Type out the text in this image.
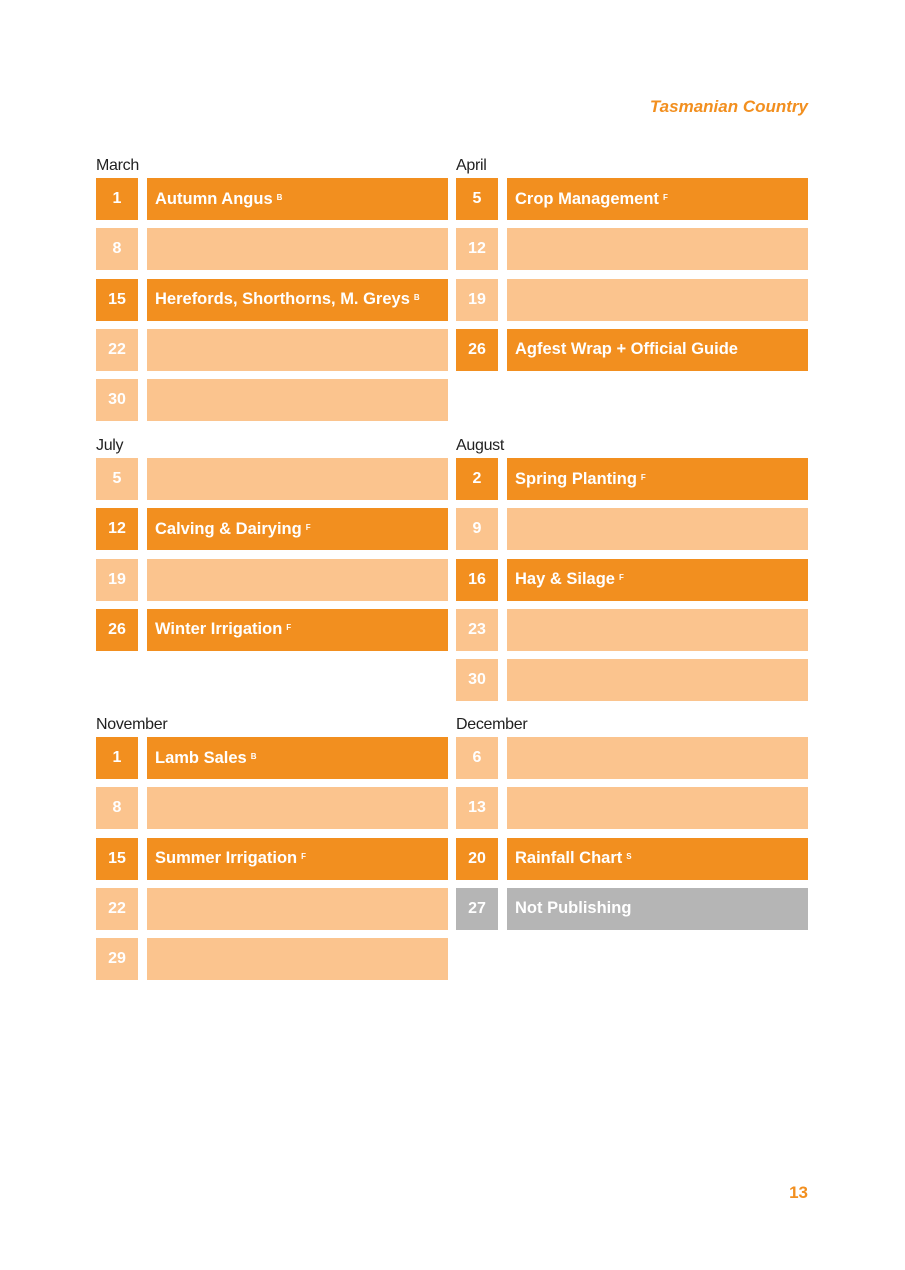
Tasmanian Country
March
1	Autumn Angus $^B$
8
15	Herefords, Shorthorns, M. Greys $^B$
22
30
April
5	Crop Management $^F$
12
19
26	Agfest Wrap + Official Guide
July
5
12	Calving & Dairying $^F$
19
26	Winter Irrigation $^F$
August
2	Spring Planting $^F$
9
16	Hay & Silage $^F$
23
30
November
1	Lamb Sales $^B$
8
15	Summer Irrigation $^F$
22
29
December
6
13
20	Rainfall Chart $^S$
27	Not Publishing
13
